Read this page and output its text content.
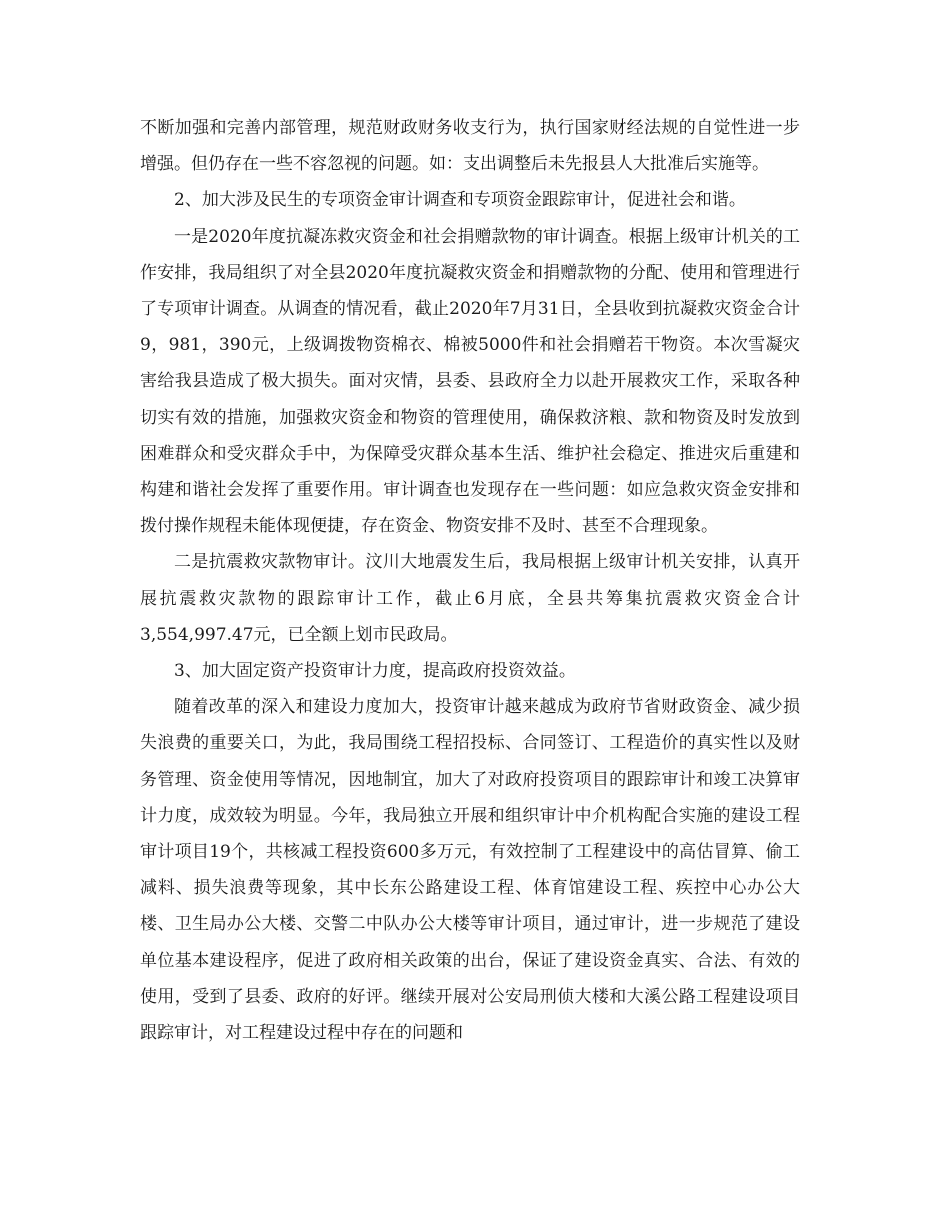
不断加强和完善内部管理，规范财政财务收支行为，执行国家财经法规的自觉性进一步增强。但仍存在一些不容忽视的问题。如：支出调整后未先报县人大批准后实施等。

2、加大涉及民生的专项资金审计调查和专项资金跟踪审计，促进社会和谐。

一是2020年度抗凝冻救灾资金和社会捐赠款物的审计调查。根据上级审计机关的工作安排，我局组织了对全县2020年度抗凝救灾资金和捐赠款物的分配、使用和管理进行了专项审计调查。从调查的情况看，截止2020年7月31日，全县收到抗凝救灾资金合计9，981，390元，上级调拨物资棉衣、棉被5000件和社会捐赠若干物资。本次雪凝灾害给我县造成了极大损失。面对灾情，县委、县政府全力以赴开展救灾工作，采取各种切实有效的措施，加强救灾资金和物资的管理使用，确保救济粮、款和物资及时发放到困难群众和受灾群众手中，为保障受灾群众基本生活、维护社会稳定、推进灾后重建和构建和谐社会发挥了重要作用。审计调查也发现存在一些问题：如应急救灾资金安排和拨付操作规程未能体现便捷，存在资金、物资安排不及时、甚至不合理现象。

二是抗震救灾款物审计。汶川大地震发生后，我局根据上级审计机关安排，认真开展抗震救灾款物的跟踪审计工作，截止6月底，全县共筹集抗震救灾资金合计3,554,997.47元，已全额上划市民政局。

3、加大固定资产投资审计力度，提高政府投资效益。

随着改革的深入和建设力度加大，投资审计越来越成为政府节省财政资金、减少损失浪费的重要关口，为此，我局围绕工程招投标、合同签订、工程造价的真实性以及财务管理、资金使用等情况，因地制宜，加大了对政府投资项目的跟踪审计和竣工决算审计力度，成效较为明显。今年，我局独立开展和组织审计中介机构配合实施的建设工程审计项目19个，共核减工程投资600多万元，有效控制了工程建设中的高估冒算、偷工减料、损失浪费等现象，其中长东公路建设工程、体育馆建设工程、疾控中心办公大楼、卫生局办公大楼、交警二中队办公大楼等审计项目，通过审计，进一步规范了建设单位基本建设程序，促进了政府相关政策的出台，保证了建设资金真实、合法、有效的使用，受到了县委、政府的好评。继续开展对公安局刑侦大楼和大溪公路工程建设项目跟踪审计，对工程建设过程中存在的问题和
